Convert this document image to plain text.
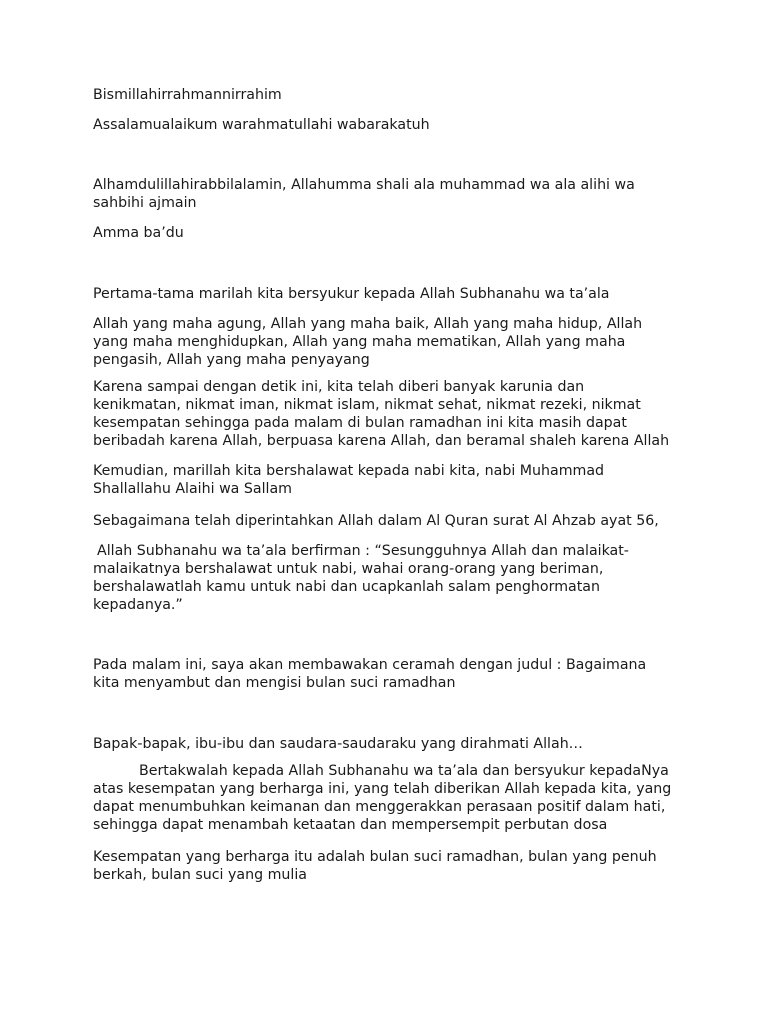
Bismillahirrahmannirrahim

Assalamualaikum warahmatullahi wabarakatuh

Alhamdulillahirabbilalamin, Allahumma shali ala muhammad wa ala alihi wa
sahbihi ajmain

Amma ba’du

Pertama-tama marilah kita bersyukur kepada Allah Subhanahu wa ta’ala

Allah yang maha agung, Allah yang maha baik, Allah yang maha hidup, Allah
yang maha menghidupkan, Allah yang maha mematikan, Allah yang maha
pengasih, Allah yang maha penyayang

Karena sampai dengan detik ini, kita telah diberi banyak karunia dan
kenikmatan, nikmat iman, nikmat islam, nikmat sehat, nikmat rezeki, nikmat
kesempatan sehingga pada malam di bulan ramadhan ini kita masih dapat
beribadah karena Allah, berpuasa karena Allah, dan beramal shaleh karena Allah

Kemudian, marillah kita bershalawat kepada nabi kita, nabi Muhammad
Shallallahu Alaihi wa Sallam

Sebagaimana telah diperintahkan Allah dalam Al Quran surat Al Ahzab ayat 56,

Allah Subhanahu wa ta’ala berfirman : “Sesungguhnya Allah dan malaikat-
malaikatnya bershalawat untuk nabi, wahai orang-orang yang beriman,
bershalawatlah kamu untuk nabi dan ucapkanlah salam penghormatan
kepadanya.”

Pada malam ini, saya akan membawakan ceramah dengan judul : Bagaimana
kita menyambut dan mengisi bulan suci ramadhan

Bapak-bapak, ibu-ibu dan saudara-saudaraku yang dirahmati Allah…

Bertakwalah kepada Allah Subhanahu wa ta’ala dan bersyukur kepadaNya
atas kesempatan yang berharga ini, yang telah diberikan Allah kepada kita, yang
dapat menumbuhkan keimanan dan menggerakkan perasaan positif dalam hati,
sehingga dapat menambah ketaatan dan mempersempit perbutan dosa

Kesempatan yang berharga itu adalah bulan suci ramadhan, bulan yang penuh
berkah, bulan suci yang mulia
